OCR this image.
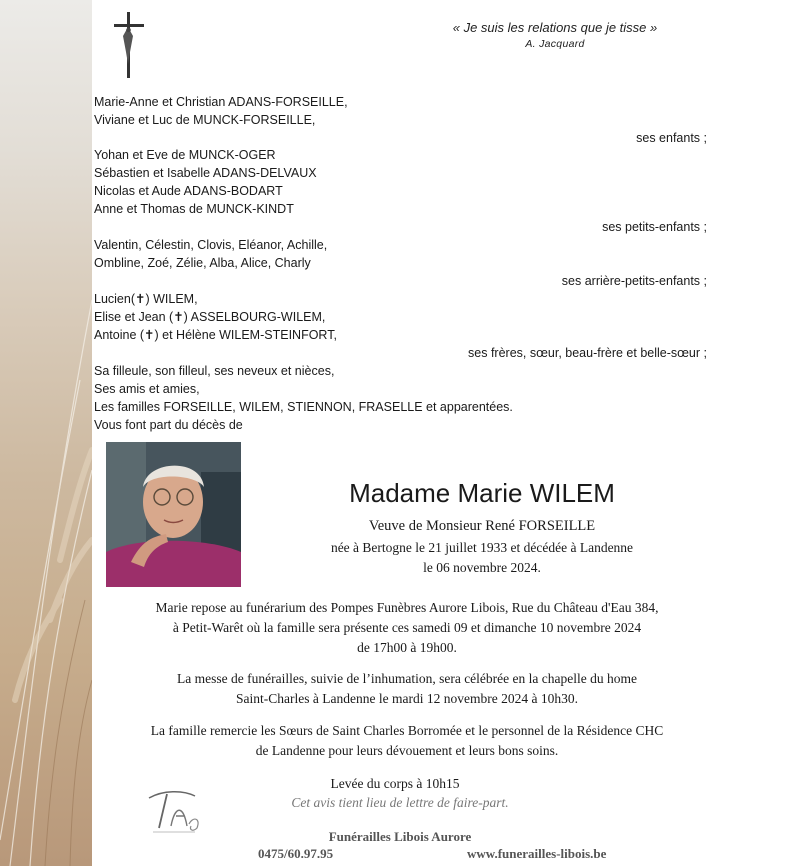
« Je suis les relations que je tisse »
A. Jacquard
Marie-Anne et Christian ADANS-FORSEILLE,
Viviane et Luc de MUNCK-FORSEILLE,
ses enfants ;
Yohan et Eve de MUNCK-OGER
Sébastien et Isabelle ADANS-DELVAUX
Nicolas et Aude ADANS-BODART
Anne et Thomas de MUNCK-KINDT
ses petits-enfants ;
Valentin, Célestin, Clovis, Eléanor, Achille,
Ombline, Zoé, Zélie, Alba, Alice, Charly
ses arrière-petits-enfants ;
Lucien(✝) WILEM,
Elise et Jean (✝) ASSELBOURG-WILEM,
Antoine (✝) et Hélène WILEM-STEINFORT,
ses frères, sœur, beau-frère et belle-sœur ;
Sa filleule, son filleul, ses neveux et nièces,
Ses amis et amies,
Les familles FORSEILLE, WILEM, STIENNON, FRASELLE et apparentées.
Vous font part du décès de
Madame Marie WILEM
Veuve de Monsieur René FORSEILLE
née à Bertogne le 21 juillet 1933 et décédée à Landenne
le 06 novembre 2024.
Marie repose au funérarium des Pompes Funèbres Aurore Libois, Rue du Château d'Eau 384,
à Petit-Warêt où la famille sera présente ces samedi 09 et dimanche 10 novembre 2024
de 17h00 à 19h00.
La messe de funérailles, suivie de l’inhumation, sera célébrée en la chapelle du home
Saint-Charles à Landenne le mardi 12 novembre 2024 à 10h30.
La famille remercie les Sœurs de Saint Charles Borromée et le personnel de la Résidence CHC
de Landenne pour leurs dévouement et leurs bons soins.
Levée du corps à 10h15
Cet avis tient lieu de lettre de faire-part.
Funérailles Libois Aurore
0475/60.97.95	www.funerailles-libois.be
